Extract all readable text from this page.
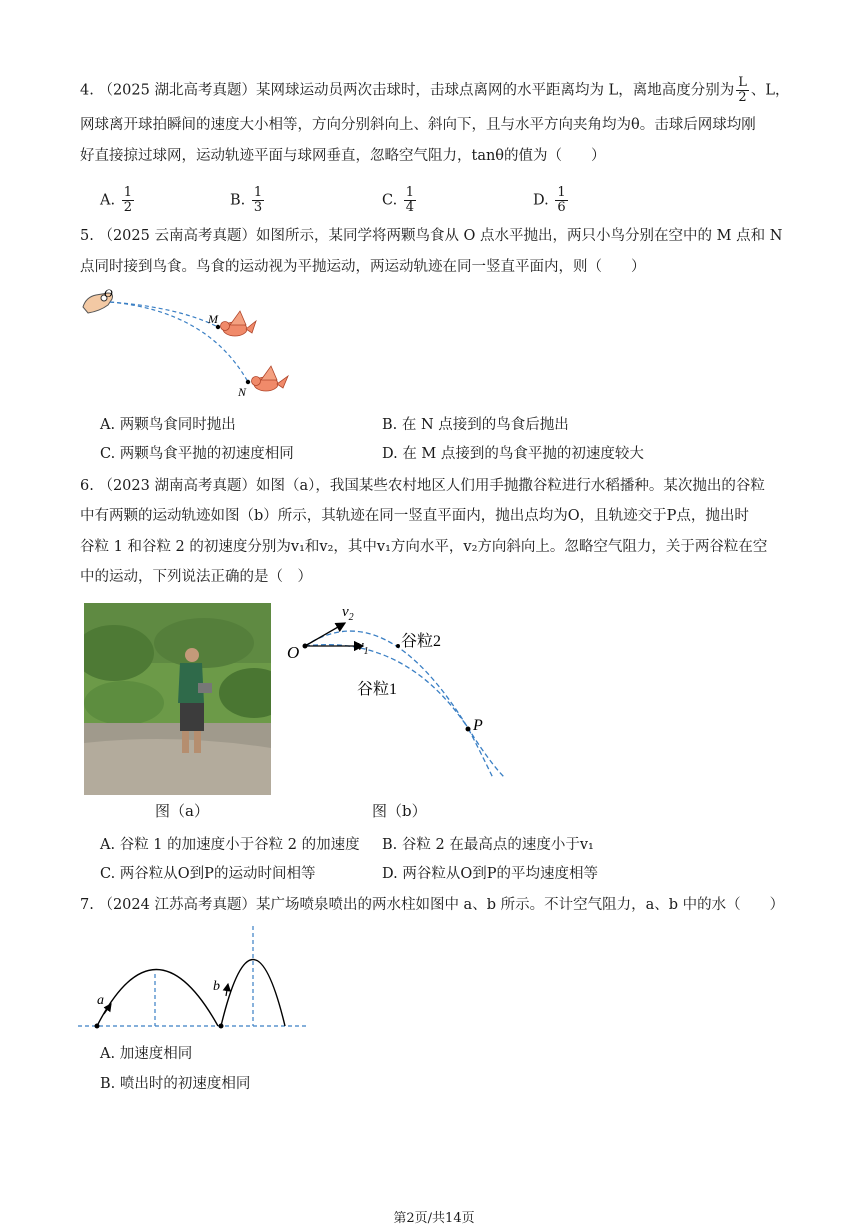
4. （2025 湖北高考真题）某网球运动员两次击球时，击球点离网的水平距离均为 L，离地高度分别为 $\frac{L}{2}$ 、L，
网球离开球拍瞬间的速度大小相等，方向分别斜向上、斜向下，且与水平方向夹角均为θ。击球后网球均刚
好直接掠过球网，运动轨迹平面与球网垂直，忽略空气阻力，tanθ的值为（　　）
A. $\frac{1}{2}$	B. $\frac{1}{3}$	C. $\frac{1}{4}$	D. $\frac{1}{6}$
5. （2025 云南高考真题）如图所示，某同学将两颗鸟食从 O 点水平抛出，两只小鸟分别在空中的 M 点和 N
点同时接到鸟食。鸟食的运动视为平抛运动，两运动轨迹在同一竖直平面内，则（　　）
O
M
N
A. 两颗鸟食同时抛出	B. 在 N 点接到的鸟食后抛出
C. 两颗鸟食平抛的初速度相同	D. 在 M 点接到的鸟食平抛的初速度较大
6. （2023 湖南高考真题）如图（a），我国某些农村地区人们用手抛撒谷粒进行水稻播种。某次抛出的谷粒
中有两颗的运动轨迹如图（b）所示，其轨迹在同一竖直平面内，抛出点均为O，且轨迹交于P点，抛出时
谷粒 1 和谷粒 2 的初速度分别为v₁和v₂，其中v₁方向水平，v₂方向斜向上。忽略空气阻力，关于两谷粒在空
中的运动，下列说法正确的是（　）
图（a）
O
P
$v_2$
$v_1$
谷粒2
谷粒1
图（b）
A. 谷粒 1 的加速度小于谷粒 2 的加速度 B. 谷粒 2 在最高点的速度小于v₁
C. 两谷粒从O到P的运动时间相等	D. 两谷粒从O到P的平均速度相等
7. （2024 江苏高考真题）某广场喷泉喷出的两水柱如图中 a、b 所示。不计空气阻力，a、b 中的水（　　）
a
b
A. 加速度相同
B. 喷出时的初速度相同
第2页/共14页
